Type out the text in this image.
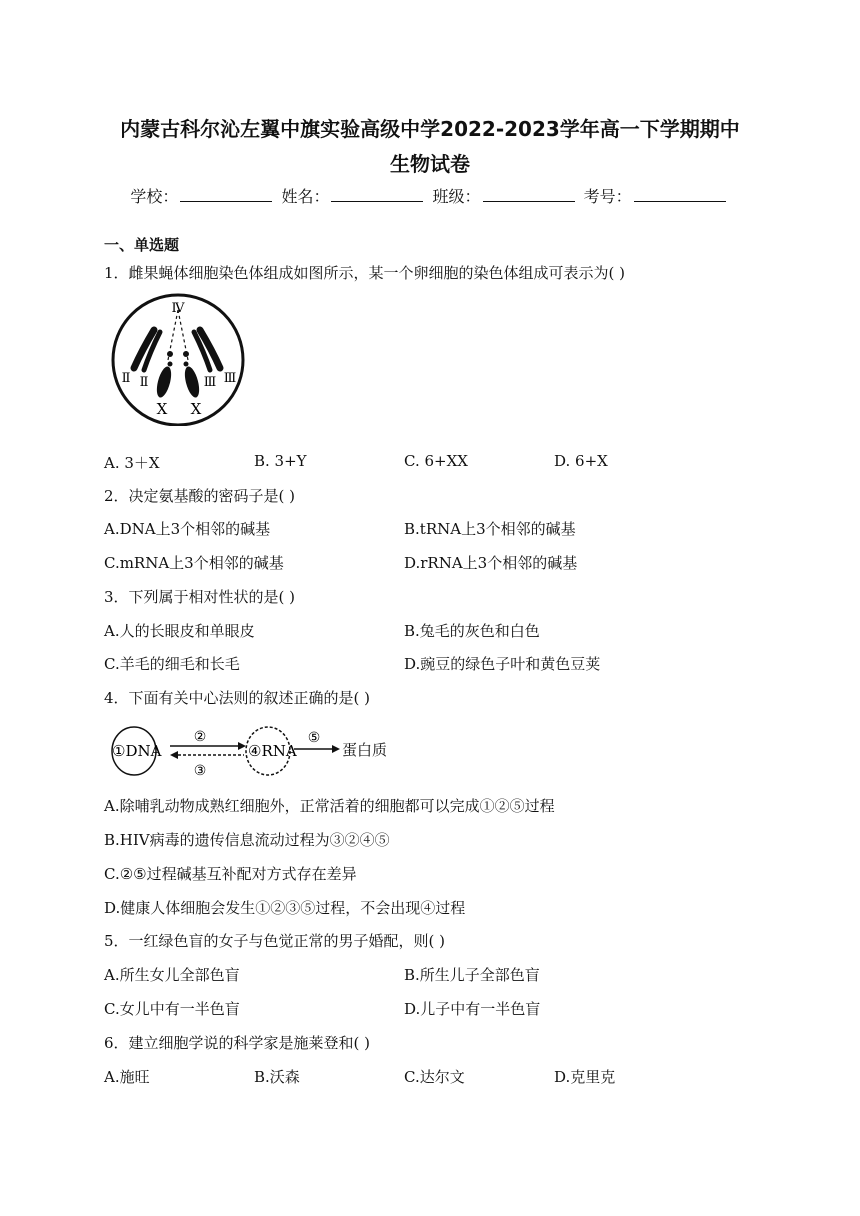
内蒙古科尔沁左翼中旗实验高级中学2022-2023学年高一下学期期中
生物试卷
学校：	姓名：	班级：	考号：
一、单选题
1．雌果蝇体细胞染色体组成如图所示，某一个卵细胞的染色体组成可表示为( )
Ⅳ
Ⅱ Ⅱ	Ⅲ Ⅲ
X X
A. 3＋X	B. 3+Y	C. 6+XX	D. 6+X
2．决定氨基酸的密码子是( )
A.DNA上3个相邻的碱基	B.tRNA上3个相邻的碱基
C.mRNA上3个相邻的碱基	D.rRNA上3个相邻的碱基
3．下列属于相对性状的是( )
A.人的长眼皮和单眼皮	B.兔毛的灰色和白色
C.羊毛的细毛和长毛	D.豌豆的绿色子叶和黄色豆荚
4．下面有关中心法则的叙述正确的是( )
①DNA
②
③
④RNA
⑤
蛋白质
A.除哺乳动物成熟红细胞外，正常活着的细胞都可以完成①②⑤过程
B.HIV病毒的遗传信息流动过程为③②④⑤
C.②⑤过程碱基互补配对方式存在差异
D.健康人体细胞会发生①②③⑤过程，不会出现④过程
5．一红绿色盲的女子与色觉正常的男子婚配，则( )
A.所生女儿全部色盲	B.所生儿子全部色盲
C.女儿中有一半色盲	D.儿子中有一半色盲
6．建立细胞学说的科学家是施莱登和( )
A.施旺	B.沃森	C.达尔文	D.克里克
